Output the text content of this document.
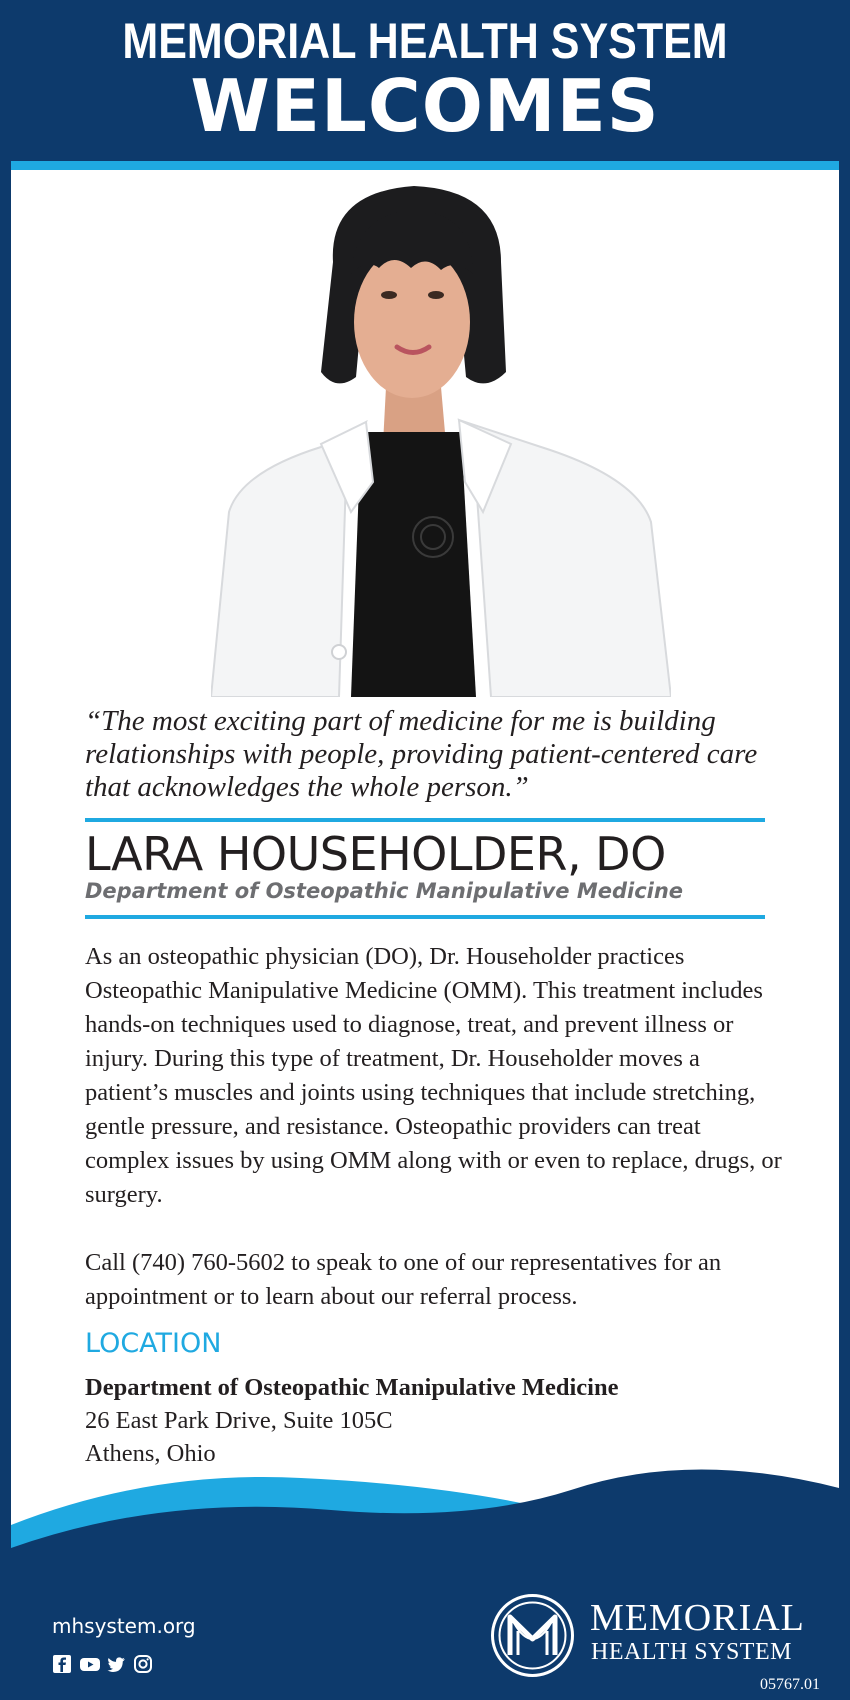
MEMORIAL HEALTH SYSTEM
WELCOMES
“The most exciting part of medicine for me is building relationships with people, providing patient-centered care that acknowledges the whole person.”
LARA HOUSEHOLDER, DO
Department of Osteopathic Manipulative Medicine

As an osteopathic physician (DO), Dr. Householder practices Osteopathic Manipulative Medicine (OMM). This treatment includes hands-on techniques used to diagnose, treat, and prevent illness or injury. During this type of treatment, Dr. Householder moves a patient’s muscles and joints using techniques that include stretching, gentle pressure, and resistance. Osteopathic providers can treat complex issues by using OMM along with or even to replace, drugs, or surgery.

Call (740) 760-5602 to speak to one of our representatives for an appointment or to learn about our referral process.

LOCATION
Department of Osteopathic Manipulative Medicine
26 East Park Drive, Suite 105C
Athens, Ohio
mhsystem.org	MEMORIAL
HEALTH SYSTEM
05767.01
